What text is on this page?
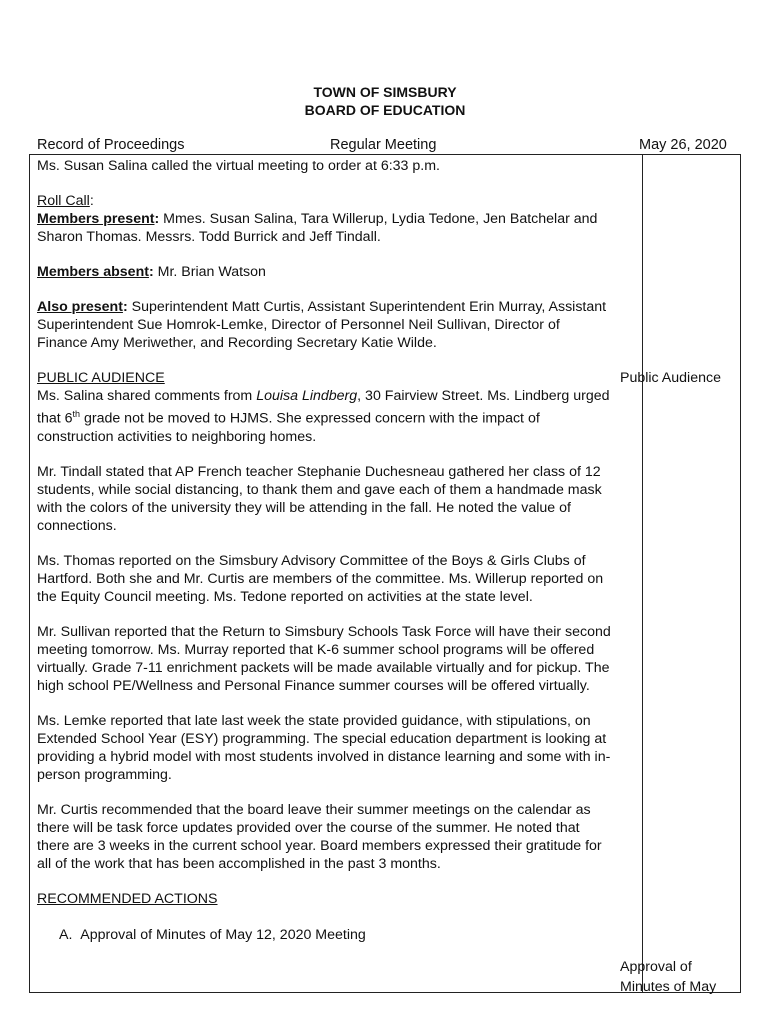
TOWN OF SIMSBURY
BOARD OF EDUCATION
Record of Proceedings	Regular Meeting	May 26, 2020

Ms. Susan Salina called the virtual meeting to order at 6:33 p.m.

Roll Call:
Members present: Mmes. Susan Salina, Tara Willerup, Lydia Tedone, Jen Batchelar and Sharon Thomas. Messrs. Todd Burrick and Jeff Tindall.

Members absent: Mr. Brian Watson

Also present: Superintendent Matt Curtis, Assistant Superintendent Erin Murray, Assistant Superintendent Sue Homrok-Lemke, Director of Personnel Neil Sullivan, Director of Finance Amy Meriwether, and Recording Secretary Katie Wilde.

PUBLIC AUDIENCE
Ms. Salina shared comments from Louisa Lindberg, 30 Fairview Street. Ms. Lindberg urged that 6th grade not be moved to HJMS. She expressed concern with the impact of construction activities to neighboring homes.

Mr. Tindall stated that AP French teacher Stephanie Duchesneau gathered her class of 12 students, while social distancing, to thank them and gave each of them a handmade mask with the colors of the university they will be attending in the fall. He noted the value of connections.

Ms. Thomas reported on the Simsbury Advisory Committee of the Boys & Girls Clubs of Hartford. Both she and Mr. Curtis are members of the committee. Ms. Willerup reported on the Equity Council meeting. Ms. Tedone reported on activities at the state level.

Mr. Sullivan reported that the Return to Simsbury Schools Task Force will have their second meeting tomorrow. Ms. Murray reported that K-6 summer school programs will be offered virtually. Grade 7-11 enrichment packets will be made available virtually and for pickup. The high school PE/Wellness and Personal Finance summer courses will be offered virtually.

Ms. Lemke reported that late last week the state provided guidance, with stipulations, on Extended School Year (ESY) programming. The special education department is looking at providing a hybrid model with most students involved in distance learning and some with in-person programming.

Mr. Curtis recommended that the board leave their summer meetings on the calendar as there will be task force updates provided over the course of the summer. He noted that there are 3 weeks in the current school year. Board members expressed their gratitude for all of the work that has been accomplished in the past 3 months.

RECOMMENDED ACTIONS

A. Approval of Minutes of May 12, 2020 Meeting
Public Audience
Approval of
Minutes of May
